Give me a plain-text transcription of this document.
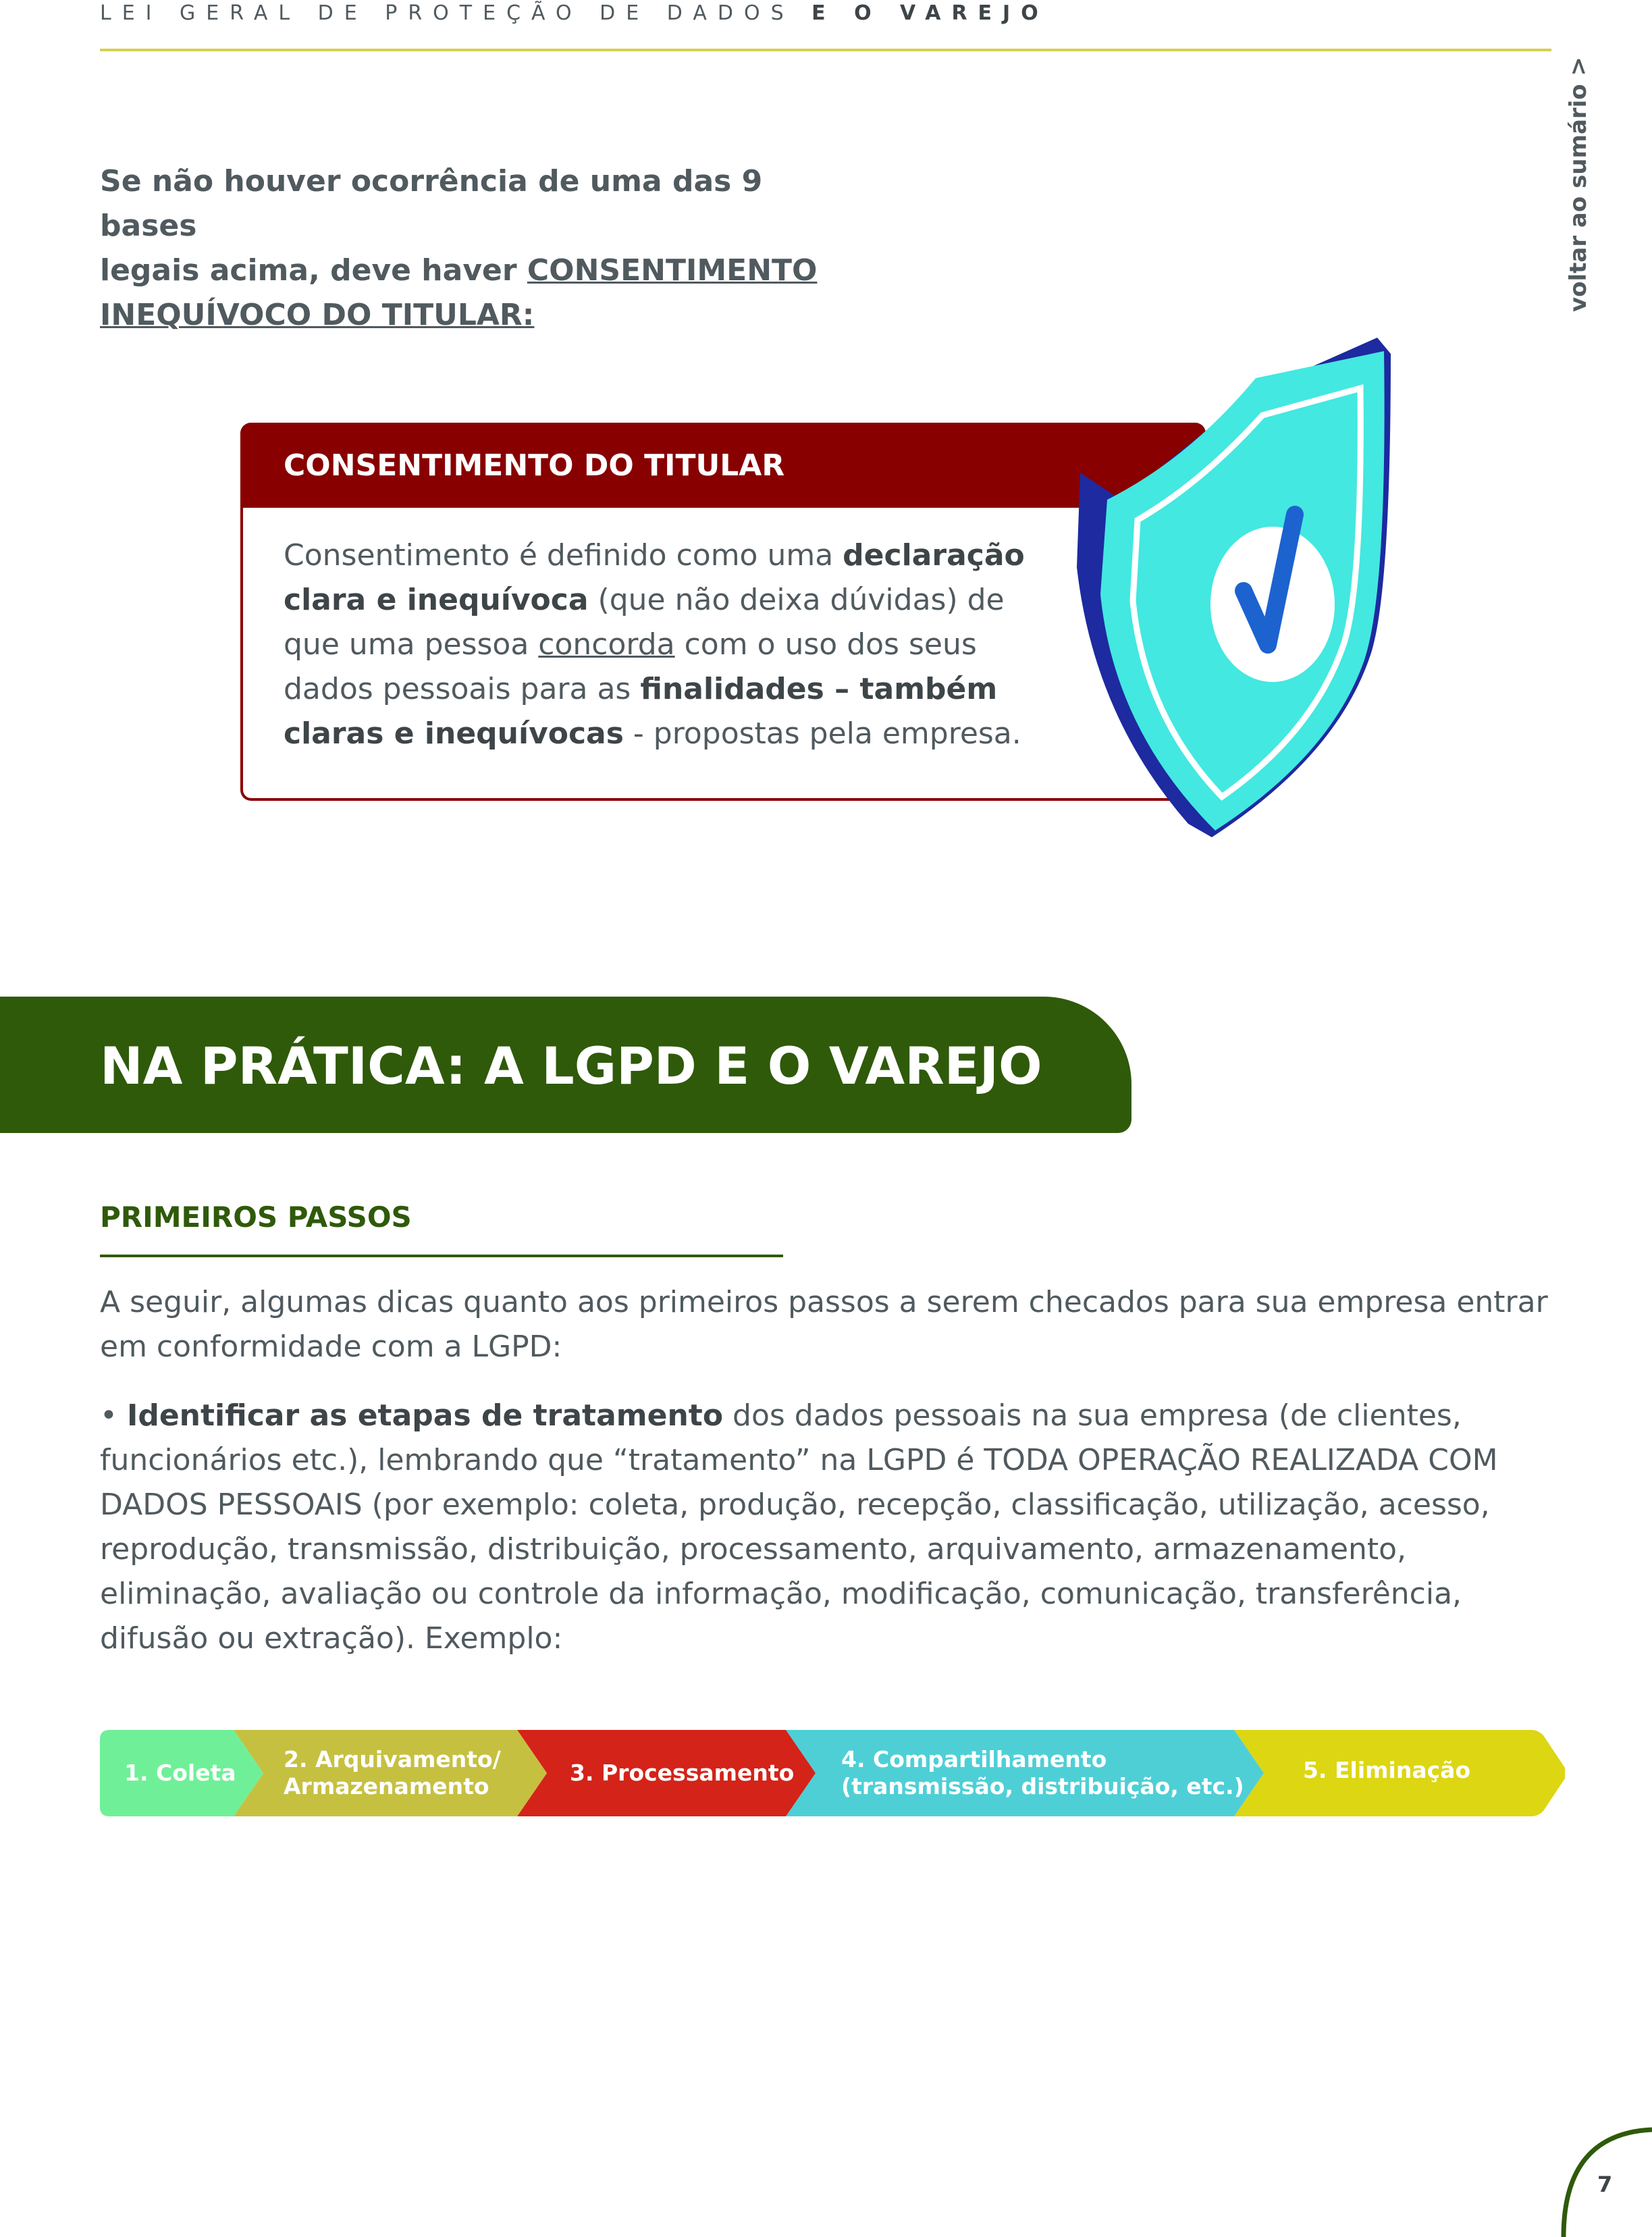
LEI GERAL DE PROTEÇÃO DE DADOS E O VAREJO
voltar ao sumário >
Se não houver ocorrência de uma das 9 bases
legais acima, deve haver CONSENTIMENTO
INEQUÍVOCO DO TITULAR:
CONSENTIMENTO DO TITULAR
Consentimento é definido como uma declaração clara e inequívoca (que não deixa dúvidas) de que uma pessoa concorda com o uso dos seus dados pessoais para as finalidades – também claras e inequívocas - propostas pela empresa.
NA PRÁTICA: A LGPD E O VAREJO
PRIMEIROS PASSOS
A seguir, algumas dicas quanto aos primeiros passos a serem checados para sua empresa entrar em conformidade com a LGPD:
• Identificar as etapas de tratamento dos dados pessoais na sua empresa (de clientes, funcionários etc.), lembrando que “tratamento” na LGPD é TODA OPERAÇÃO REALIZADA COM DADOS PESSOAIS (por exemplo: coleta, produção, recepção, classificação, utilização, acesso, reprodução, transmissão, distribuição, processamento, arquivamento, armazenamento, eliminação, avaliação ou controle da informação, modificação, comunicação, transferência, difusão ou extração). Exemplo:
1. Coleta
2. Arquivamento/
Armazenamento
3. Processamento
4. Compartilhamento
(transmissão, distribuição, etc.)
5. Eliminação
7
